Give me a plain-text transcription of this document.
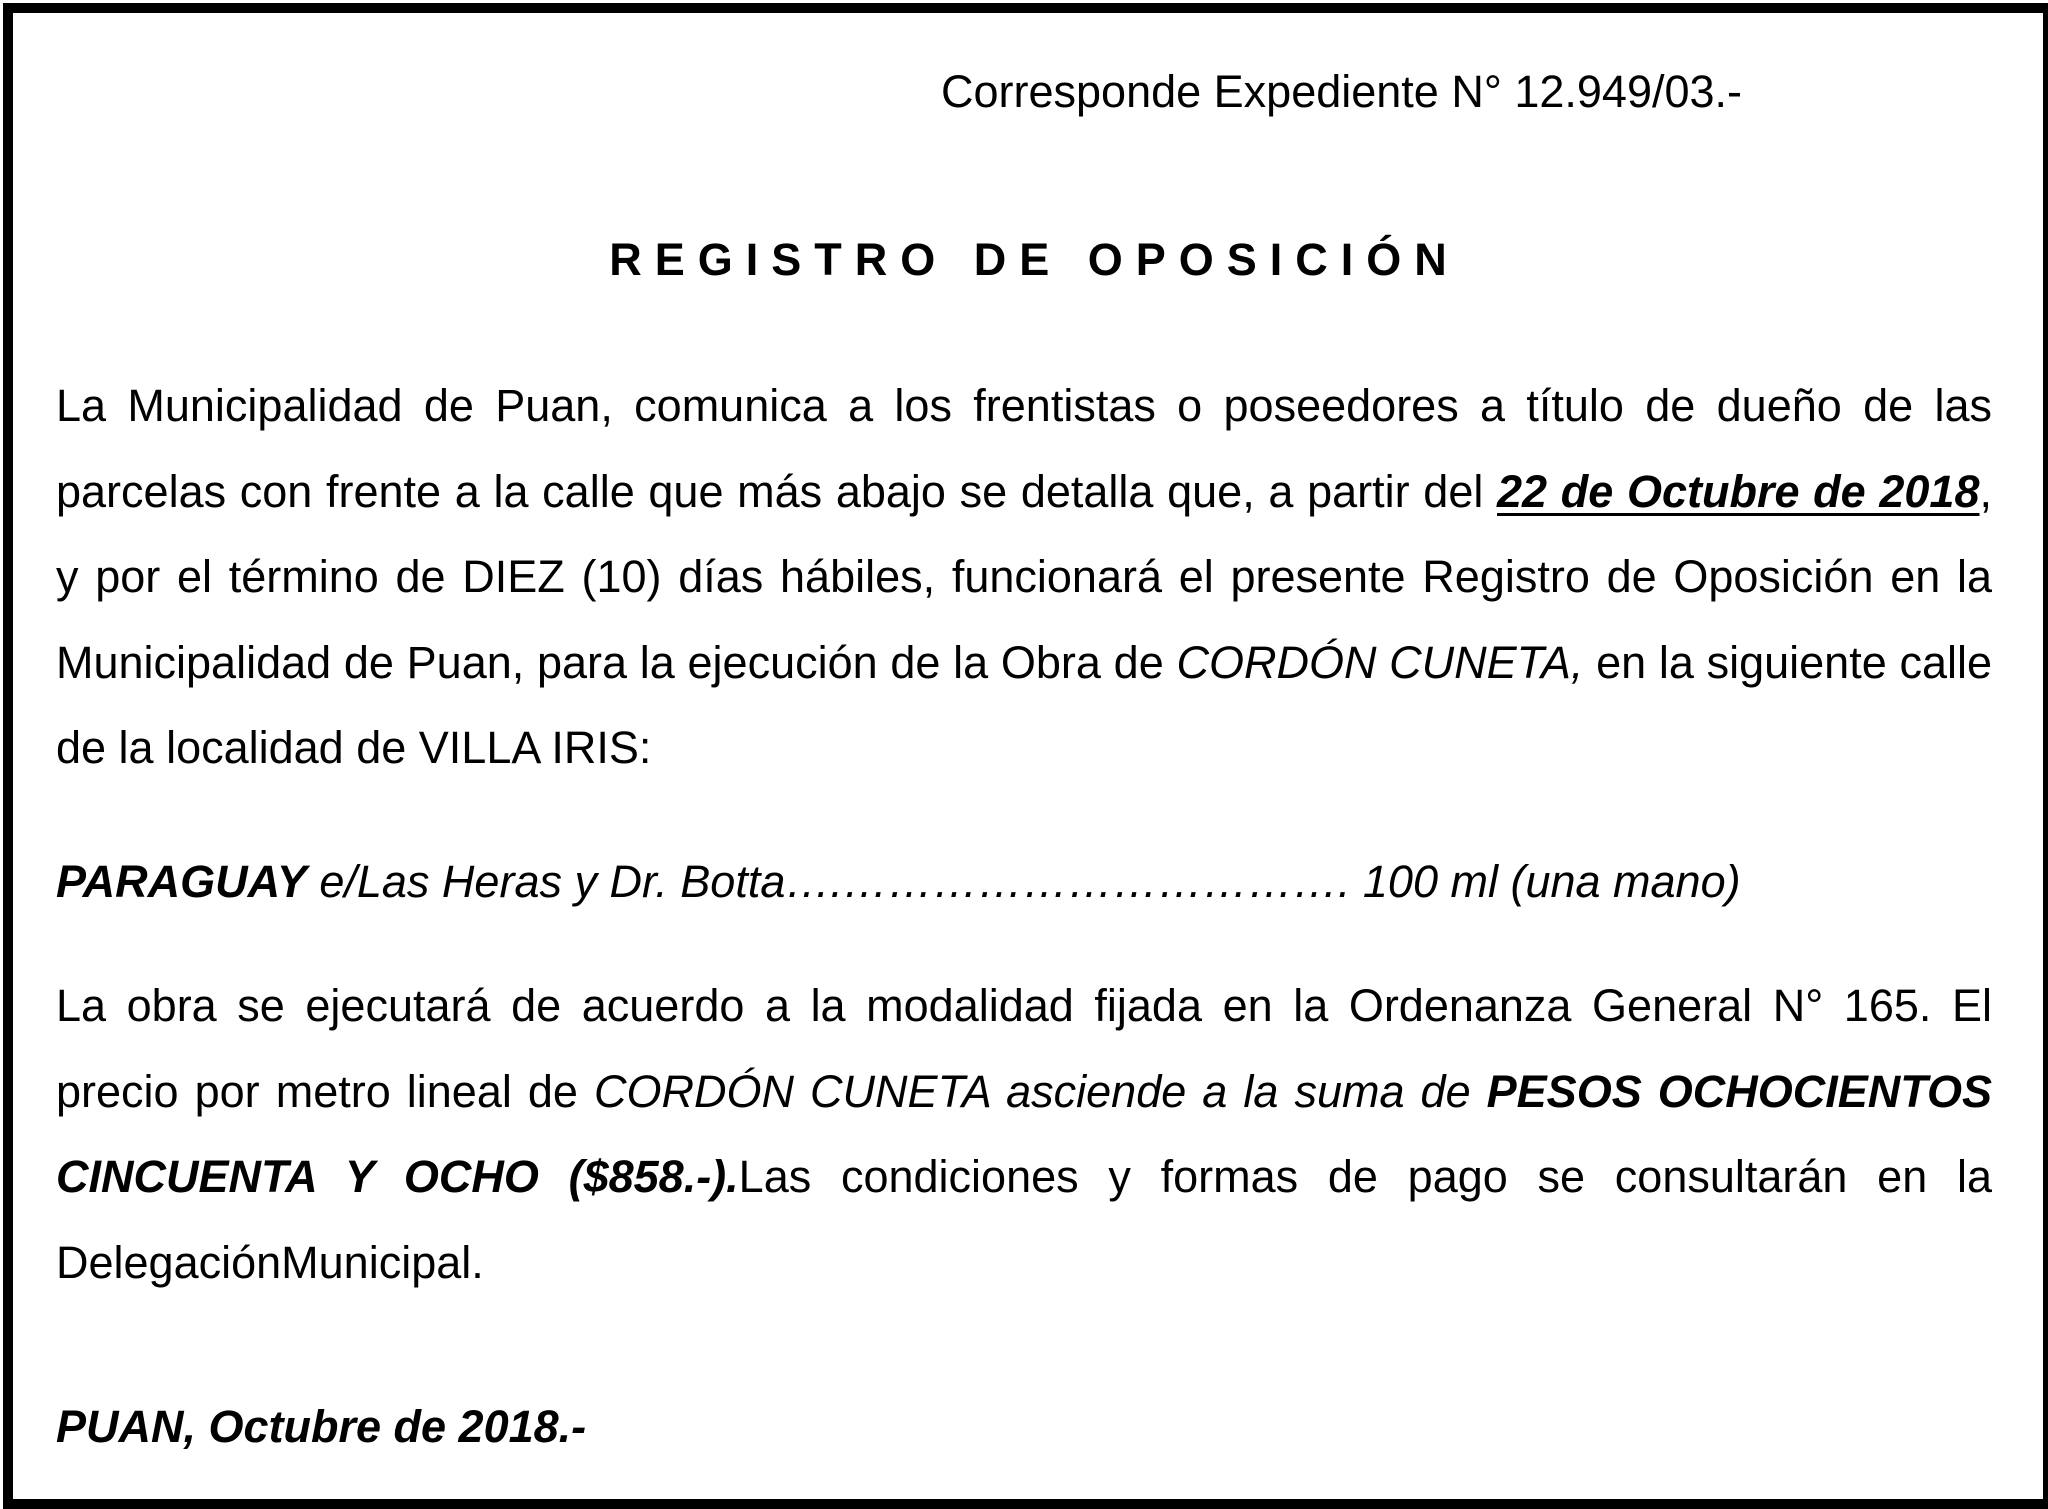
Corresponde Expediente N° 12.949/03.-
REGISTRO DE OPOSICIÓN
La Municipalidad de Puan, comunica a los frentistas o poseedores a título de dueño de las parcelas con frente a la calle que más abajo se detalla que, a partir del 22 de Octubre de 2018, y por el término de DIEZ (10) días hábiles, funcionará el presente Registro de Oposición en la Municipalidad de Puan, para la ejecución de la Obra de CORDÓN CUNETA, en la siguiente calle de la localidad de VILLA IRIS:
PARAGUAY e/Las Heras y Dr. Botta….……………………………. 100 ml (una mano)
La obra se ejecutará de acuerdo a la modalidad fijada en la Ordenanza General N° 165. El precio por metro lineal de CORDÓN CUNETA asciende a la suma de PESOS OCHOCIENTOS CINCUENTA Y OCHO ($858.-).Las condiciones y formas de pago se consultarán en la DelegaciónMunicipal.
PUAN, Octubre de 2018.-
